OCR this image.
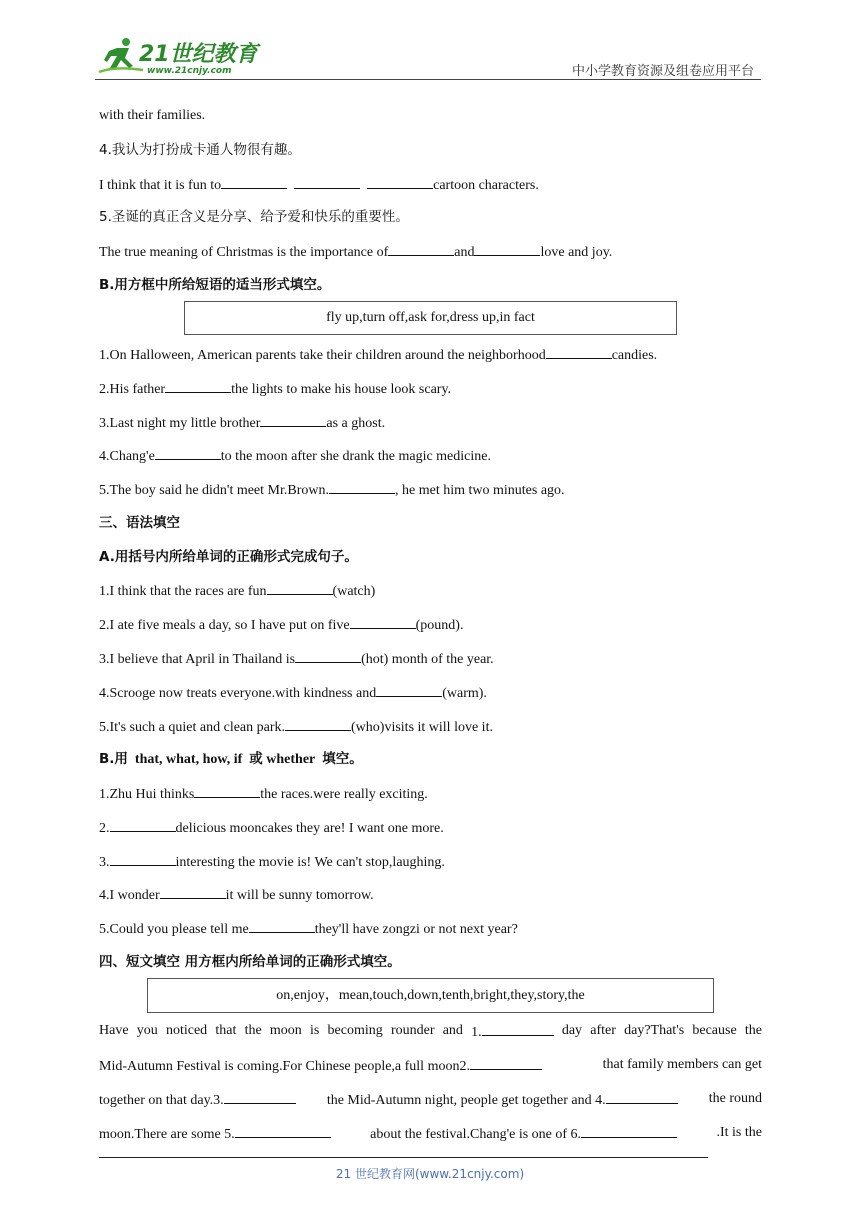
21世纪教育
www.21cnjy.com	中小学教育资源及组卷应用平台
with their families.
4.我认为打扮成卡通人物很有趣。
I think that it is fun to	cartoon characters.
5.圣诞的真正含义是分享、给予爱和快乐的重要性。
The true meaning of Christmas is the importance of	and	love and joy.
B.用方框中所给短语的适当形式填空。
fly up,turn off,ask for,dress up,in fact
1.On Halloween, American parents take their children around the neighborhood	candies.
2.His father	the lights to make his house look scary.
3.Last night my little brother	as a ghost.
4.Chang'e	to the moon after she drank the magic medicine.
5.The boy said he didn't meet Mr.Brown.	, he met him two minutes ago.
三、语法填空
A.用括号内所给单词的正确形式完成句子。
1.I think that the races are fun	(watch)
2.I ate five meals a day, so I have put on five	(pound).
3.I believe that April in Thailand is	(hot) month of the year.
4.Scrooge now treats everyone.with kindness and	(warm).
5.It's such a quiet and clean park.	(who)visits it will love it.
B.用 that, what, how, if 或 whether 填空。
1.Zhu Hui thinks	the races.were really exciting.
2.	delicious mooncakes they are! I want one more.
3.	interesting the movie is! We can't stop,laughing.
4.I wonder	it will be sunny tomorrow.
5.Could you please tell me	they'll have zongzi or not next year?
四、短文填空 用方框内所给单词的正确形式填空。
on,enjoy，mean,touch,down,tenth,bright,they,story,the
Have you noticed that the moon is becoming rounder and 1.	day after day?That's because the
Mid-Autumn Festival is coming.For Chinese people,a full moon2.	that family members can get
together on that day.3.	the Mid-Autumn night, people get together and 4.	the round
moon.There are some 5.	about the festival.Chang'e is one of 6.	.It is the
21 世纪教育网(www.21cnjy.com)
